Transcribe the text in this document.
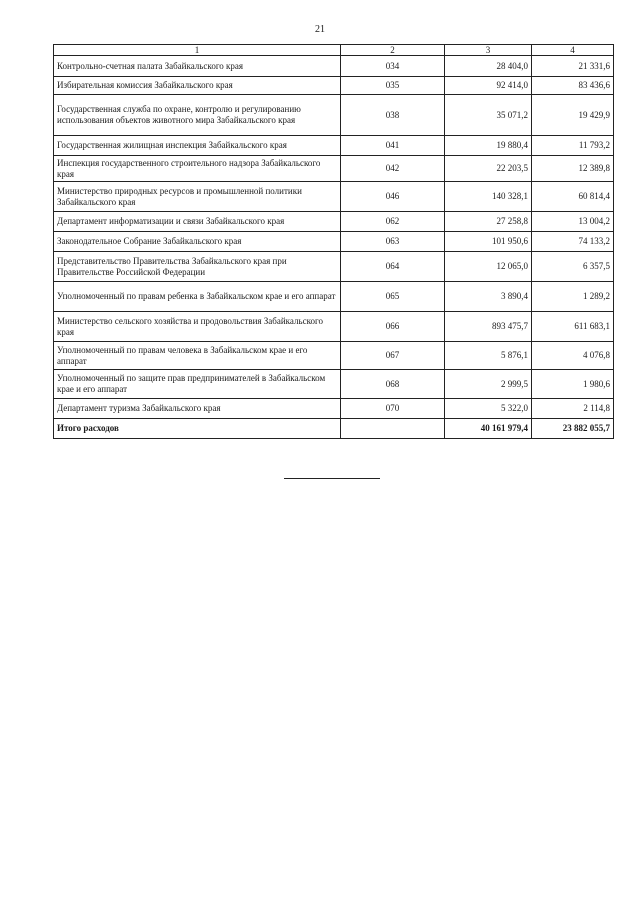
21
1	2	3	4
Контрольно-счетная палата Забайкальского края	034	28 404,0	21 331,6
Избирательная комиссия Забайкальского края	035	92 414,0	83 436,6
Государственная служба по охране, контролю и регулированию использования объектов животного мира Забайкальского края	038	35 071,2	19 429,9
Государственная жилищная инспекция Забайкальского края	041	19 880,4	11 793,2
Инспекция государственного строительного надзора Забайкальского края	042	22 203,5	12 389,8
Министерство природных ресурсов и промышленной политики Забайкальского края	046	140 328,1	60 814,4
Департамент информатизации и связи Забайкальского края	062	27 258,8	13 004,2
Законодательное Собрание Забайкальского края	063	101 950,6	74 133,2
Представительство Правительства Забайкальского края при Правительстве Российской Федерации	064	12 065,0	6 357,5
Уполномоченный по правам ребенка в Забайкальском крае и его аппарат	065	3 890,4	1 289,2
Министерство сельского хозяйства и продовольствия Забайкальского края	066	893 475,7	611 683,1
Уполномоченный по правам человека в Забайкальском крае и его аппарат	067	5 876,1	4 076,8
Уполномоченный по защите прав предпринимателей в Забайкальском крае и его аппарат	068	2 999,5	1 980,6
Департамент туризма Забайкальского края	070	5 322,0	2 114,8
Итого расходов		40 161 979,4	23 882 055,7
